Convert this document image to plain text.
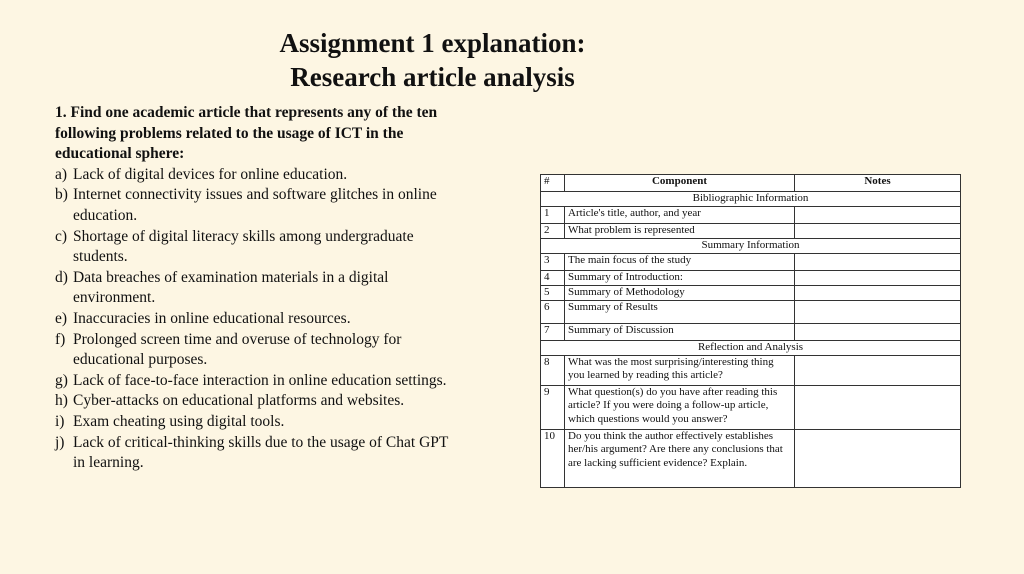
Assignment 1 explanation:
Research article analysis
1. Find one academic article that represents any of the ten following problems related to the usage of ICT in the educational sphere:
a) Lack of digital devices for online education.
b) Internet connectivity issues and software glitches in online education.
c) Shortage of digital literacy skills among undergraduate students.
d) Data breaches of examination materials in a digital environment.
e) Inaccuracies in online educational resources.
f) Prolonged screen time and overuse of technology for educational purposes.
g) Lack of face-to-face interaction in online education settings.
h) Cyber-attacks on educational platforms and websites.
i) Exam cheating using digital tools.
j) Lack of critical-thinking skills due to the usage of Chat GPT in learning.
#	Component	Notes
Bibliographic Information		
1	Article's title, author, and year	
2	What problem is represented	
Summary Information		
3	The main focus of the study	
4	Summary of Introduction:	
5	Summary of Methodology	
6	Summary of Results	
7	Summary of Discussion	
Reflection and Analysis		
8	What was the most surprising/interesting thing you learned by reading this article?	
9	What question(s) do you have after reading this article? If you were doing a follow-up article, which questions would you answer?	
10	Do you think the author effectively establishes her/his argument? Are there any conclusions that are lacking sufficient evidence? Explain.	
